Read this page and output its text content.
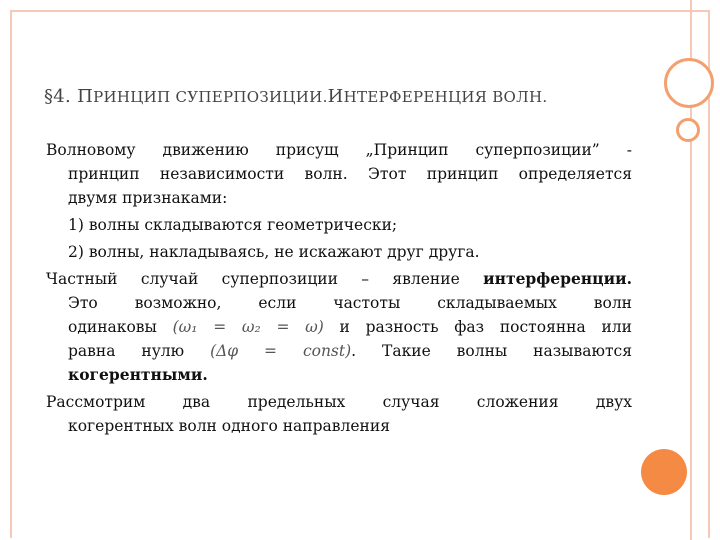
§4. ПРИНЦИП СУПЕРПОЗИЦИИ.ИНТЕРФЕРЕНЦИЯ ВОЛН.
Волновому движению присущ „Принцип суперпозиции” -
принцип независимости волн. Этот принцип определяется
двумя признаками:
1) волны складываются геометрически;
2) волны, накладываясь, не искажают друг друга.
Частный случай суперпозиции – явление интерференции.
Это возможно, если частоты складываемых волн
одинаковы (ω₁ = ω₂ = ω) и разность фаз постоянна или
равна нулю (Δφ = const). Такие волны называются
когерентными.
Рассмотрим два предельных случая сложения двух
когерентных волн одного направления
